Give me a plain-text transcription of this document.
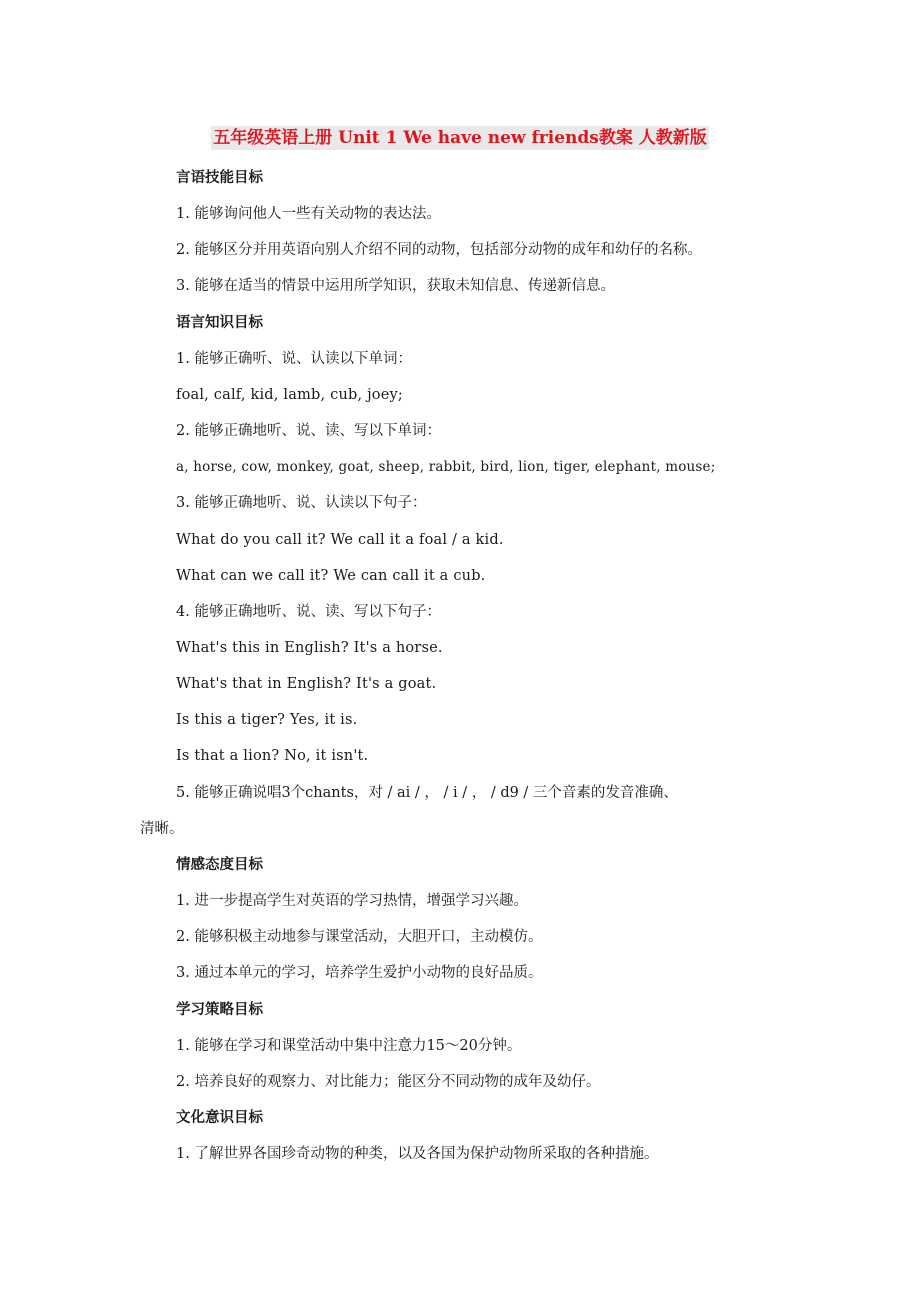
五年级英语上册 Unit 1 We have new friends教案 人教新版
言语技能目标
1. 能够询问他人一些有关动物的表达法。
2. 能够区分并用英语向别人介绍不同的动物，包括部分动物的成年和幼仔的名称。
3. 能够在适当的情景中运用所学知识，获取未知信息、传递新信息。
语言知识目标
1. 能够正确听、说、认读以下单词：
foal, calf, kid, lamb, cub, joey;
2. 能够正确地听、说、读、写以下单词：
a, horse, cow, monkey, goat, sheep, rabbit, bird, lion, tiger, elephant, mouse;
3. 能够正确地听、说、认读以下句子：
What do you call it? We call it a foal / a kid.
What can we call it? We can call it a cub.
4. 能够正确地听、说、读、写以下句子：
What's this in English? It's a horse.
What's that in English? It's a goat.
Is this a tiger? Yes, it is.
Is that a lion? No, it isn't.
5. 能够正确说唱3个chants，对 / ai / ， / i / ， / d9 / 三个音素的发音准确、
清晰。
情感态度目标
1. 进一步提高学生对英语的学习热情，增强学习兴趣。
2. 能够积极主动地参与课堂活动，大胆开口，主动模仿。
3. 通过本单元的学习，培养学生爱护小动物的良好品质。
学习策略目标
1. 能够在学习和课堂活动中集中注意力15～20分钟。
2. 培养良好的观察力、对比能力；能区分不同动物的成年及幼仔。
文化意识目标
1. 了解世界各国珍奇动物的种类，以及各国为保护动物所采取的各种措施。
